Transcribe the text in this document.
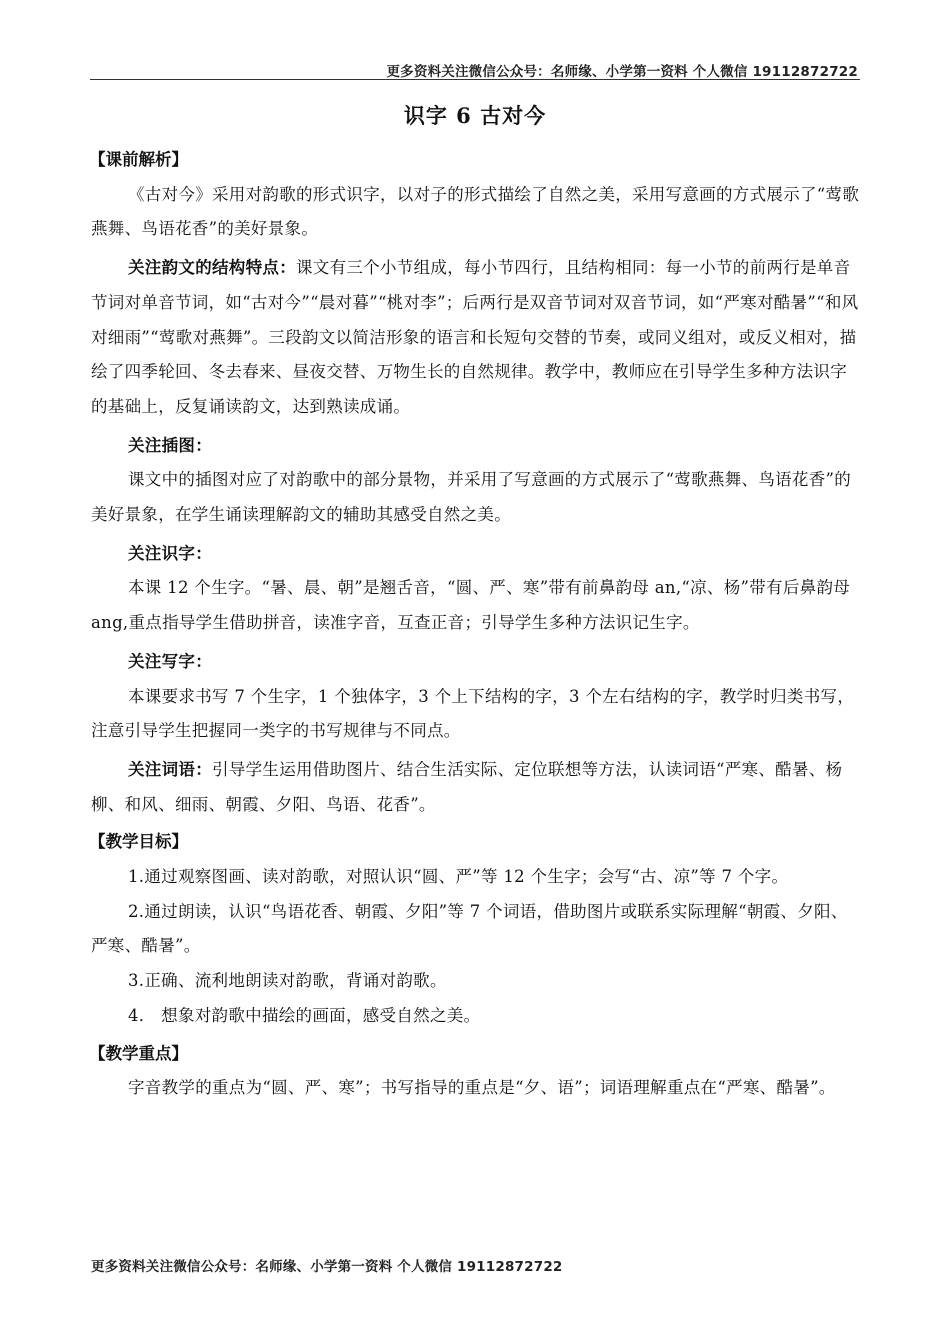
更多资料关注微信公众号：名师缘、小学第一资料 个人微信 19112872722
识字 6 古对今
【课前解析】

《古对今》采用对韵歌的形式识字，以对子的形式描绘了自然之美，采用写意画的方式展示了“莺歌燕舞、鸟语花香”的美好景象。

关注韵文的结构特点：课文有三个小节组成，每小节四行，且结构相同：每一小节的前两行是单音节词对单音节词，如“古对今”“晨对暮”“桃对李”；后两行是双音节词对双音节词，如“严寒对酷暑”“和风对细雨”“莺歌对燕舞”。三段韵文以简洁形象的语言和长短句交替的节奏，或同义组对，或反义相对，描绘了四季轮回、冬去春来、昼夜交替、万物生长的自然规律。教学中，教师应在引导学生多种方法识字的基础上，反复诵读韵文，达到熟读成诵。

关注插图：

课文中的插图对应了对韵歌中的部分景物，并采用了写意画的方式展示了“莺歌燕舞、鸟语花香”的美好景象，在学生诵读理解韵文的辅助其感受自然之美。

关注识字：

本课 12 个生字。“暑、晨、朝”是翘舌音，“圆、严、寒”带有前鼻韵母 an,“凉、杨”带有后鼻韵母 ang,重点指导学生借助拼音，读准字音，互查正音；引导学生多种方法识记生字。

关注写字：

本课要求书写 7 个生字，1 个独体字，3 个上下结构的字，3 个左右结构的字，教学时归类书写，注意引导学生把握同一类字的书写规律与不同点。

关注词语：引导学生运用借助图片、结合生活实际、定位联想等方法，认读词语“严寒、酷暑、杨柳、和风、细雨、朝霞、夕阳、鸟语、花香”。

【教学目标】

1.通过观察图画、读对韵歌，对照认识“圆、严”等 12 个生字；会写“古、凉”等 7 个字。

2.通过朗读，认识“鸟语花香、朝霞、夕阳”等 7 个词语，借助图片或联系实际理解“朝霞、夕阳、严寒、酷暑”。

3.正确、流利地朗读对韵歌，背诵对韵歌。

4． 想象对韵歌中描绘的画面，感受自然之美。

【教学重点】

字音教学的重点为“圆、严、寒”；书写指导的重点是“夕、语”；词语理解重点在“严寒、酷暑”。

更多资料关注微信公众号：名师缘、小学第一资料 个人微信 19112872722
